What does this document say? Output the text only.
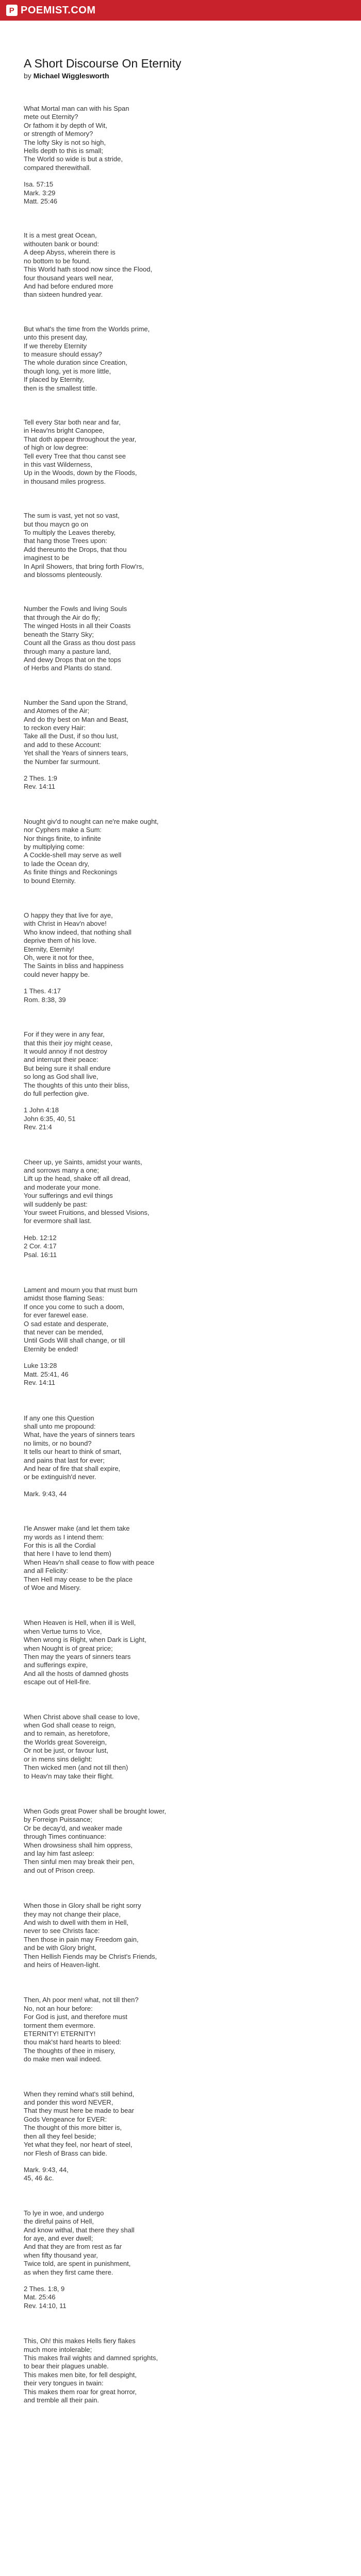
P POEMIST.COM
A Short Discourse On Eternity
by Michael Wigglesworth
What Mortal man can with his Span
mete out Eternity?
Or fathom it by depth of Wit,
or strength of Memory?
The lofty Sky is not so high,
Hells depth to this is small;
The World so wide is but a stride,
compared therewithall.
Isa. 57:15
Mark. 3:29
Matt. 25:46
It is a mest great Ocean,
withouten bank or bound:
A deep Abyss, wherein there is
no bottom to be found.
This World hath stood now since the Flood,
four thousand years well near,
And had before endured more
than sixteen hundred year.
But what's the time from the Worlds prime,
unto this present day,
If we thereby Eternity
to measure should essay?
The whole duration since Creation,
though long, yet is more little,
If placed by Eternity,
then is the smallest tittle.
Tell every Star both near and far,
in Heav'ns bright Canopee,
That doth appear throughout the year,
of high or low degree:
Tell every Tree that thou canst see
in this vast Wilderness,
Up in the Woods, down by the Floods,
in thousand miles progress.
The sum is vast, yet not so vast,
but thou maycn go on
To multiply the Leaves thereby,
that hang those Trees upon:
Add thereunto the Drops, that thou
imaginest to be
In April Showers, that bring forth Flow'rs,
and blossoms plenteously.
Number the Fowls and living Souls
that through the Air do fly;
The winged Hosts in all their Coasts
beneath the Starry Sky;
Count all the Grass as thou dost pass
through many a pasture land,
And dewy Drops that on the tops
of Herbs and Plants do stand.
Number the Sand upon the Strand,
and Atomes of the Air;
And do thy best on Man and Beast,
to reckon every Hair:
Take all the Dust, if so thou lust,
and add to these Account:
Yet shall the Years of sinners tears,
the Number far surmount.
2 Thes. 1:9
Rev. 14:11
Nought giv'd to nought can ne're make ought,
nor Cyphers make a Sum:
Nor things finite, to infinite
by multiplying come:
A Cockle-shell may serve as well
to lade the Ocean dry,
As finite things and Reckonings
to bound Eternity.
O happy they that live for aye,
with Christ in Heav'n above!
Who know indeed, that nothing shall
deprive them of his love.
Eternity, Eternity!
Oh, were it not for thee,
The Saints in bliss and happiness
could never happy be.
1 Thes. 4:17
Rom. 8:38, 39
For if they were in any fear,
that this their joy might cease,
It would annoy if not destroy
and interrupt their peace:
But being sure it shall endure
so long as God shall live,
The thoughts of this unto their bliss,
do full perfection give.
1 John 4:18
John 6:35, 40, 51
Rev. 21:4
Cheer up, ye Saints, amidst your wants,
and sorrows many a one;
Lift up the head, shake off all dread,
and moderate your mone.
Your sufferings and evil things
will suddenly be past:
Your sweet Fruitions, and blessed Visions,
for evermore shall last.
Heb. 12:12
2 Cor. 4:17
Psal. 16:11
Lament and mourn you that must burn
amidst those flaming Seas:
If once you come to such a doom,
for ever farewel ease.
O sad estate and desperate,
that never can be mended,
Until Gods Will shall change, or till
Eternity be ended!
Luke 13:28
Matt. 25:41, 46
Rev. 14:11
If any one this Question
shall unto me propound:
What, have the years of sinners tears
no limits, or no bound?
It tells our heart to think of smart,
and pains that last for ever;
And hear of fire that shall expire,
or be extinguish'd never.
Mark. 9:43, 44
I'le Answer make (and let them take
my words as I intend them:
For this is all the Cordial
that here I have to lend them)
When Heav'n shall cease to flow with peace
and all Felicity:
Then Hell may cease to be the place
of Woe and Misery.
When Heaven is Hell, when ill is Well,
when Vertue turns to Vice,
When wrong is Right, when Dark is Light,
when Nought is of great price;
Then may the years of sinners tears
and sufferings expire,
And all the hosts of damned ghosts
escape out of Hell-fire.
When Christ above shall cease to love,
when God shall cease to reign,
and to remain, as heretofore,
the Worlds great Sovereign,
Or not be just, or favour lust,
or in mens sins delight:
Then wicked men (and not till then)
to Heav'n may take their flight.
When Gods great Power shall be brought lower,
by Forreign Puissance;
Or be decay'd, and weaker made
through Times continuance:
When drowsiness shall him oppress,
and lay him fast asleep:
Then sinful men may break their pen,
and out of Prison creep.
When those in Glory shall be right sorry
they may not change their place,
And wish to dwell with them in Hell,
never to see Christs face:
Then those in pain may Freedom gain,
and be with Glory bright,
Then Hellish Fiends may be Christ's Friends,
and heirs of Heaven-light.
Then, Ah poor men! what, not till then?
No, not an hour before:
For God is just, and therefore must
torment them evermore.
ETERNITY! ETERNITY!
thou mak'st hard hearts to bleed:
The thoughts of thee in misery,
do make men wail indeed.
When they remind what's still behind,
and ponder this word NEVER,
That they must here be made to bear
Gods Vengeance for EVER:
The thought of this more bitter is,
then all they feel beside;
Yet what they feel, nor heart of steel,
nor Flesh of Brass can bide.
Mark. 9:43, 44,
45, 46 &c.
To lye in woe, and undergo
the direful pains of Hell,
And know withal, that there they shall
for aye, and ever dwell;
And that they are from rest as far
when fifty thousand year,
Twice told, are spent in punishment,
as when they first came there.
2 Thes. 1:8, 9
Mat. 25:46
Rev. 14:10, 11
This, Oh! this makes Hells fiery flakes
much more intolerable;
This makes frail wights and damned sprights,
to bear their plagues unable.
This makes men bite, for fell despight,
their very tongues in twain:
This makes them roar for great horror,
and tremble all their pain.
